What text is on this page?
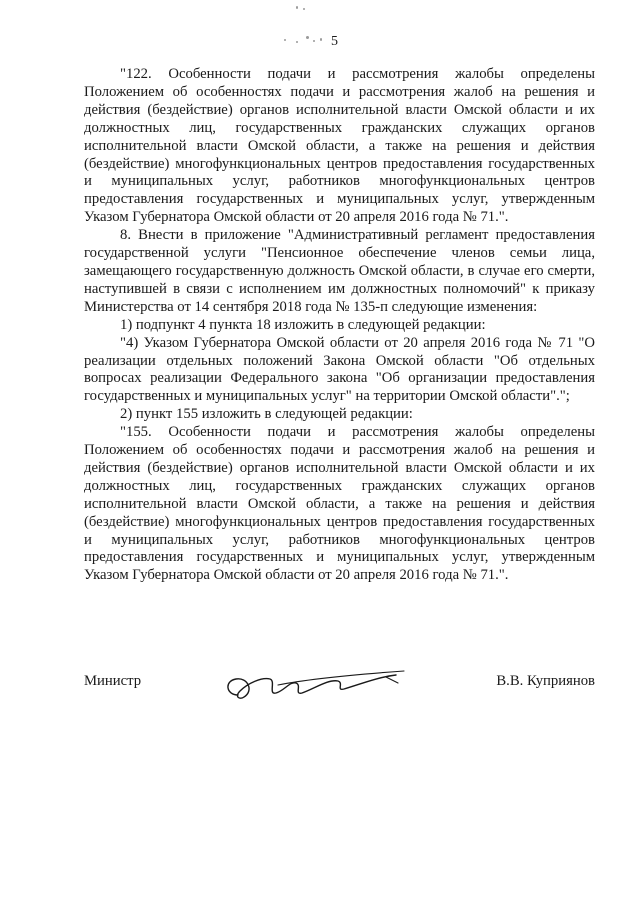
5

"122. Особенности подачи и рассмотрения жалобы определены Положением об особенностях подачи и рассмотрения жалоб на решения и действия (бездействие) органов исполнительной власти Омской области и их должностных лиц, государственных гражданских служащих органов исполнительной власти Омской области, а также на решения и действия (бездействие) многофункциональных центров предоставления государственных и муниципальных услуг, работников многофункциональных центров предоставления государственных и муниципальных услуг, утвержденным Указом Губернатора Омской области от 20 апреля 2016 года № 71.".

8. Внести в приложение "Административный регламент предоставления государственной услуги "Пенсионное обеспечение членов семьи лица, замещающего государственную должность Омской области, в случае его смерти, наступившей в связи с исполнением им должностных полномочий" к приказу Министерства от 14 сентября 2018 года № 135-п следующие изменения:

1) подпункт 4 пункта 18 изложить в следующей редакции:

"4) Указом Губернатора Омской области от 20 апреля 2016 года № 71 "О реализации отдельных положений Закона Омской области "Об отдельных вопросах реализации Федерального закона "Об организации предоставления государственных и муниципальных услуг" на территории Омской области".";

2) пункт 155 изложить в следующей редакции:

"155. Особенности подачи и рассмотрения жалобы определены Положением об особенностях подачи и рассмотрения жалоб на решения и действия (бездействие) органов исполнительной власти Омской области и их должностных лиц, государственных гражданских служащих органов исполнительной власти Омской области, а также на решения и действия (бездействие) многофункциональных центров предоставления государственных и муниципальных услуг, работников многофункциональных центров предоставления государственных и муниципальных услуг, утвержденным Указом Губернатора Омской области от 20 апреля 2016 года № 71.".

Министр	В.В. Куприянов
